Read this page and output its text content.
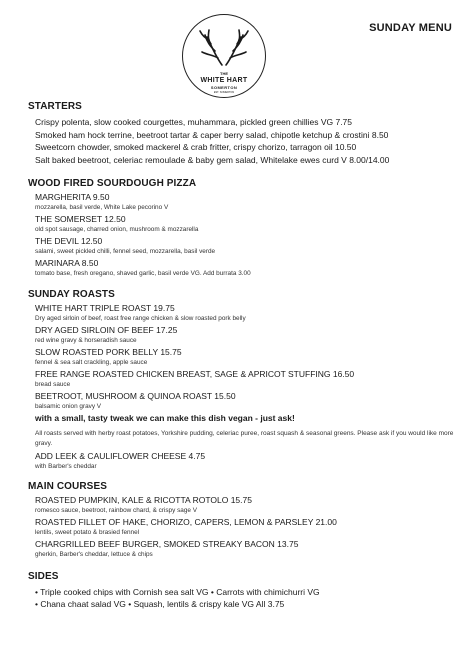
SUNDAY MENU
THE
WHITE HART
SOMERTON
EST. SOMERTON
STARTERS
Crispy polenta, slow cooked courgettes, muhammara, pickled green chillies VG 7.75
Smoked ham hock terrine, beetroot tartar & caper berry salad, chipotle ketchup & crostini 8.50
Sweetcorn chowder, smoked mackerel & crab fritter, crispy chorizo, tarragon oil 10.50
Salt baked beetroot, celeriac remoulade & baby gem salad, Whitelake ewes curd V 8.00/14.00
WOOD FIRED SOURDOUGH PIZZA
MARGHERITA 9.50
mozzarella, basil verde, White Lake pecorino V
THE SOMERSET 12.50
old spot sausage, charred onion, mushroom & mozzarella
THE DEVIL 12.50
salami, sweet pickled chilli, fennel seed, mozzarella, basil verde
MARINARA 8.50
tomato base, fresh oregano, shaved garlic, basil verde VG. Add burrata 3.00
SUNDAY ROASTS
WHITE HART TRIPLE ROAST 19.75
Dry aged sirloin of beef, roast free range chicken & slow roasted pork belly
DRY AGED SIRLOIN OF BEEF 17.25
red wine gravy & horseradish sauce
SLOW ROASTED PORK BELLY 15.75
fennel & sea salt crackling, apple sauce
FREE RANGE ROASTED CHICKEN BREAST, SAGE & APRICOT STUFFING 16.50
bread sauce
BEETROOT, MUSHROOM & QUINOA ROAST 15.50
balsamic onion gravy V
with a small, tasty tweak we can make this dish vegan - just ask!
All roasts served with herby roast potatoes, Yorkshire pudding, celeriac puree, roast squash & seasonal greens. Please ask if you would like more gravy.
ADD LEEK & CAULIFLOWER CHEESE 4.75
with Barber's cheddar
MAIN COURSES
ROASTED PUMPKIN, KALE & RICOTTA ROTOLO 15.75
romesco sauce, beetroot, rainbow chard, & crispy sage V
ROASTED FILLET OF HAKE, CHORIZO, CAPERS, LEMON & PARSLEY 21.00
lentils, sweet potato & brasied fennel
CHARGRILLED BEEF BURGER, SMOKED STREAKY BACON 13.75
gherkin, Barber's cheddar, lettuce & chips
SIDES
• Triple cooked chips with Cornish sea salt VG • Carrots with chimichurri VG
• Chana chaat salad VG • Squash, lentils & crispy kale VG All 3.75
